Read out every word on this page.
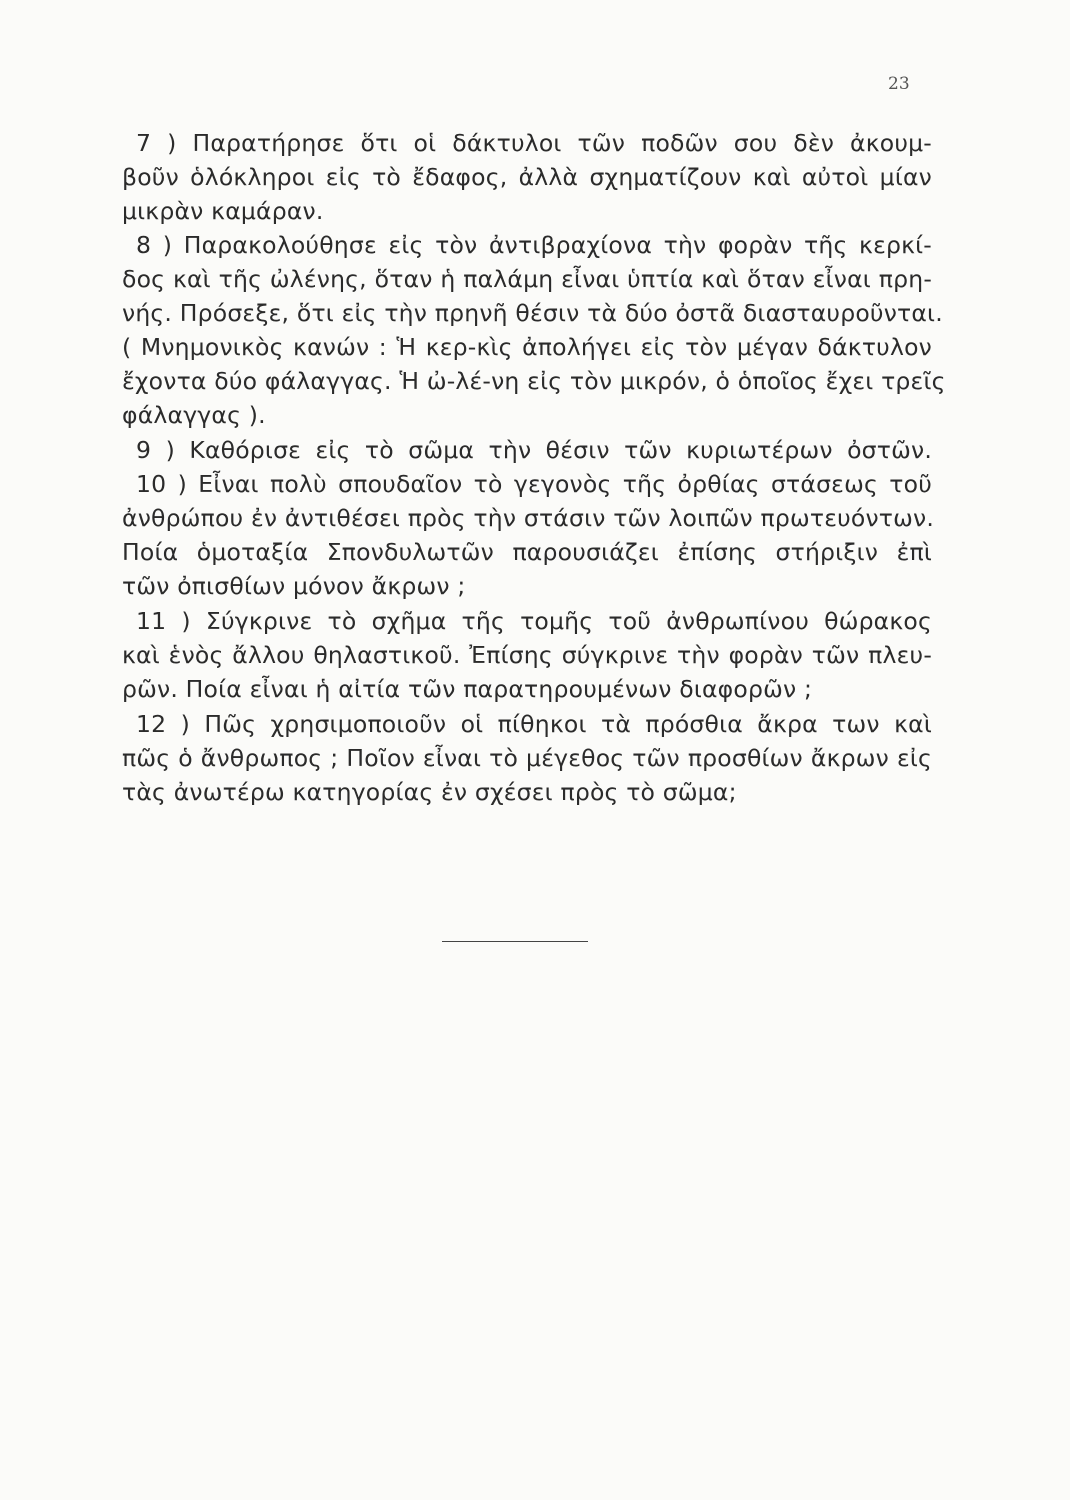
23
7 ) Παρατήρησε ὅτι οἱ δάκτυλοι τῶν ποδῶν σου δὲν ἀκουμ-
βοῦν ὁλόκληροι εἰς τὸ ἔδαφος, ἀλλὰ σχηματίζουν καὶ αὐτοὶ μίαν
μικρὰν καμάραν.
8 ) Παρακολούθησε εἰς τὸν ἀντιβραχίονα τὴν φορὰν τῆς κερκί-
δος καὶ τῆς ὠλένης, ὅταν ἡ παλάμη εἶναι ὑπτία καὶ ὅταν εἶναι πρη-
νής. Πρόσεξε, ὅτι εἰς τὴν πρηνῆ θέσιν τὰ δύο ὀστᾶ διασταυροῦνται.
( Μνημονικὸς κανών : Ἡ κερ-κὶς ἀπολήγει εἰς τὸν μέγαν δάκτυλον
ἔχοντα δύο φάλαγγας. Ἡ ὠ-λέ-νη εἰς τὸν μικρόν, ὁ ὁποῖος ἔχει τρεῖς
φάλαγγας ).
9 ) Καθόρισε εἰς τὸ σῶμα τὴν θέσιν τῶν κυριωτέρων ὀστῶν.
10 ) Εἶναι πολὺ σπουδαῖον τὸ γεγονὸς τῆς ὀρθίας στάσεως τοῦ
ἀνθρώπου ἐν ἀντιθέσει πρὸς τὴν στάσιν τῶν λοιπῶν πρωτευόντων.
Ποία ὁμοταξία Σπονδυλωτῶν παρουσιάζει ἐπίσης στήριξιν ἐπὶ
τῶν ὀπισθίων μόνον ἄκρων ;
11 ) Σύγκρινε τὸ σχῆμα τῆς τομῆς τοῦ ἀνθρωπίνου θώρακος
καὶ ἑνὸς ἄλλου θηλαστικοῦ. Ἐπίσης σύγκρινε τὴν φορὰν τῶν πλευ-
ρῶν. Ποία εἶναι ἡ αἰτία τῶν παρατηρουμένων διαφορῶν ;
12 ) Πῶς χρησιμοποιοῦν οἱ πίθηκοι τὰ πρόσθια ἄκρα των καὶ
πῶς ὁ ἄνθρωπος ; Ποῖον εἶναι τὸ μέγεθος τῶν προσθίων ἄκρων εἰς
τὰς ἀνωτέρω κατηγορίας ἐν σχέσει πρὸς τὸ σῶμα;
